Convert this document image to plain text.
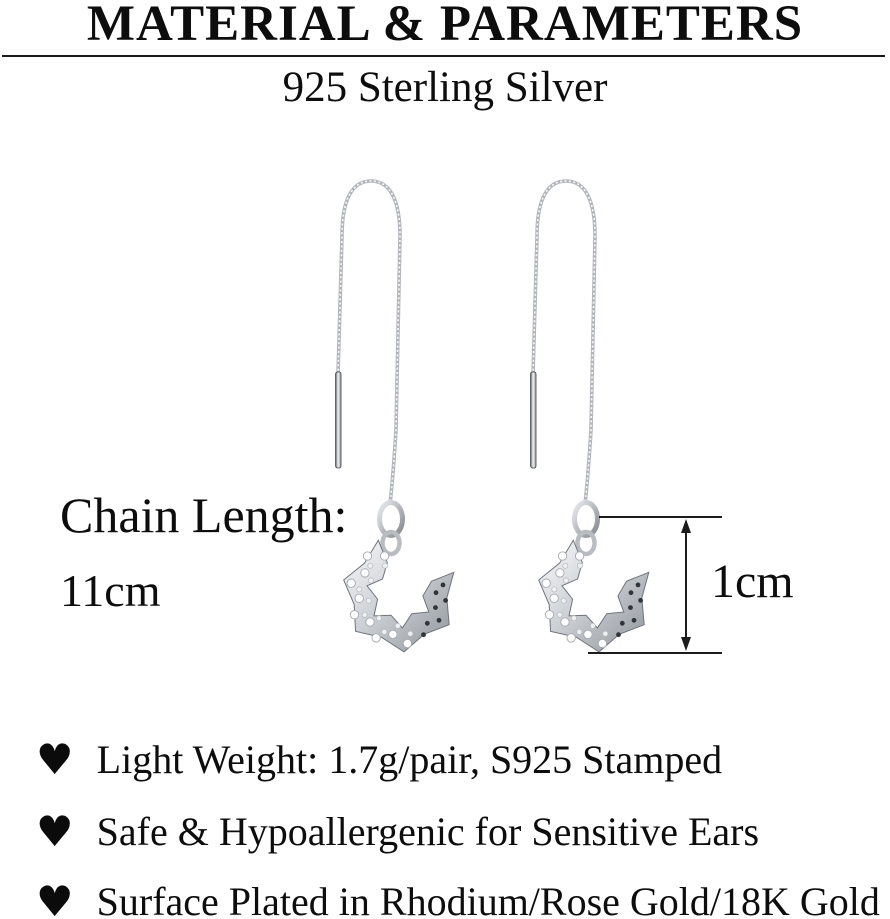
MATERIAL & PARAMETERS
925 Sterling Silver
Chain Length:
11cm	1cm
♥ Light Weight: 1.7g/pair, S925 Stamped
♥ Safe & Hypoallergenic for Sensitive Ears
♥ Surface Plated in Rhodium/Rose Gold/18K Gold
